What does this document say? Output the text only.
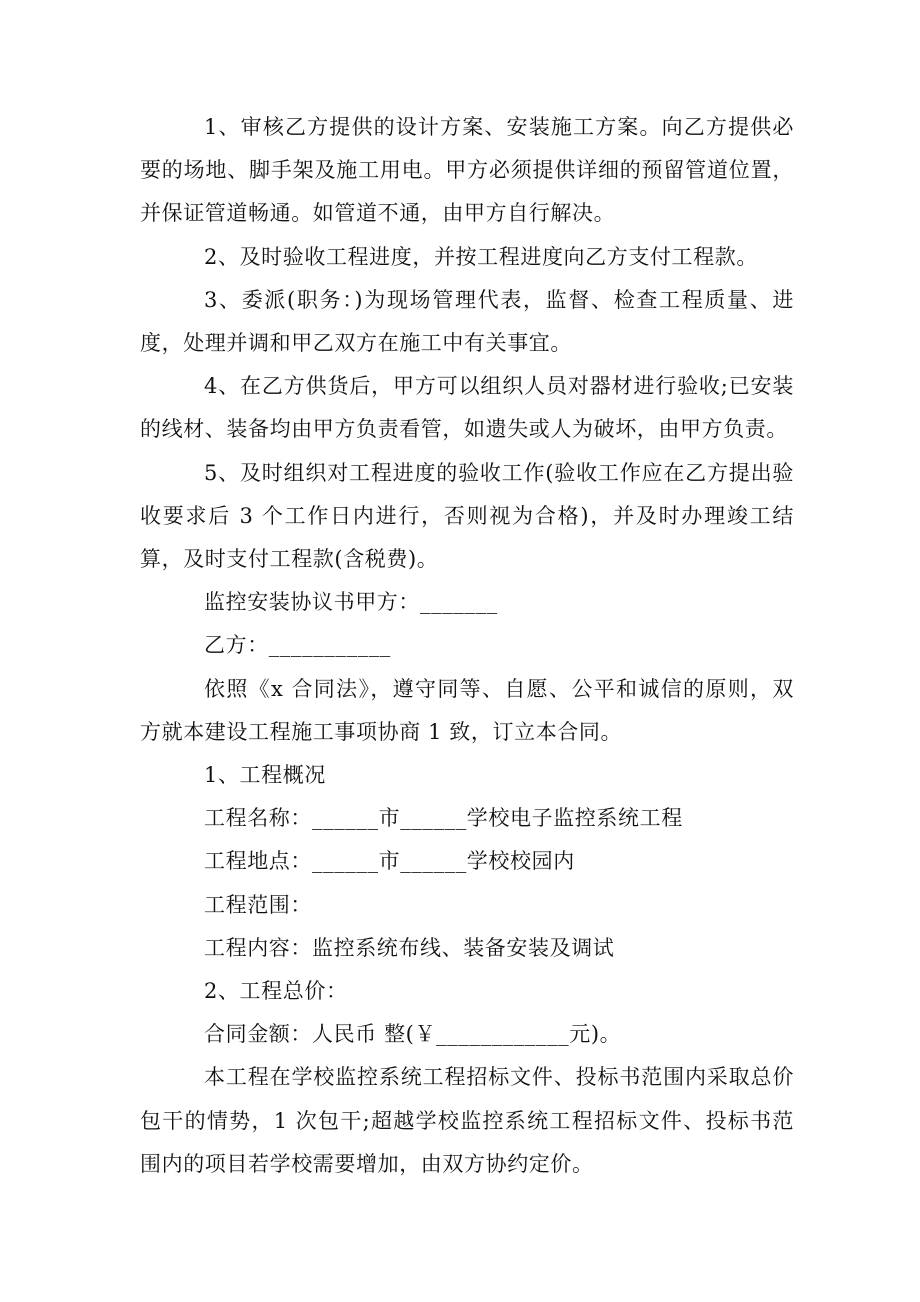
1、审核乙方提供的设计方案、安装施工方案。向乙方提供必要的场地、脚手架及施工用电。甲方必须提供详细的预留管道位置，并保证管道畅通。如管道不通，由甲方自行解决。

2、及时验收工程进度，并按工程进度向乙方支付工程款。

3、委派(职务：)为现场管理代表，监督、检查工程质量、进度，处理并调和甲乙双方在施工中有关事宜。

4、在乙方供货后，甲方可以组织人员对器材进行验收;已安装的线材、装备均由甲方负责看管，如遗失或人为破坏，由甲方负责。

5、及时组织对工程进度的验收工作(验收工作应在乙方提出验收要求后 3 个工作日内进行，否则视为合格)，并及时办理竣工结算，及时支付工程款(含税费)。

监控安装协议书甲方：_______

乙方：___________

依照《x 合同法》，遵守同等、自愿、公平和诚信的原则，双方就本建设工程施工事项协商 1 致，订立本合同。

1、工程概况

工程名称：______市______学校电子监控系统工程

工程地点：______市______学校校园内

工程范围：

工程内容：监控系统布线、装备安装及调试

2、工程总价：

合同金额：人民币 整(￥____________元)。

本工程在学校监控系统工程招标文件、投标书范围内采取总价包干的情势，1 次包干;超越学校监控系统工程招标文件、投标书范围内的项目若学校需要增加，由双方协约定价。
